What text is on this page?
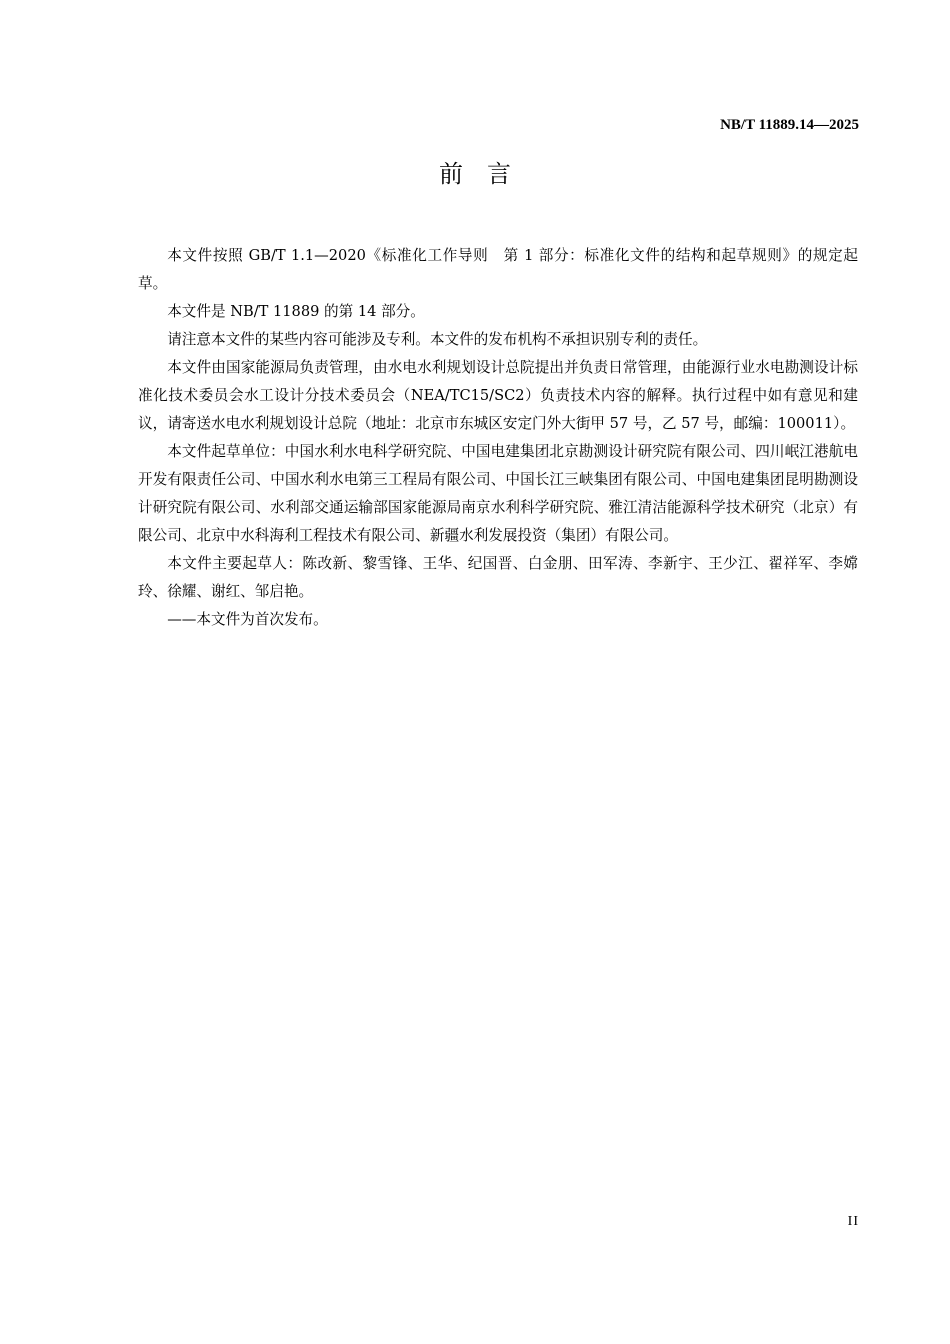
NB/T 11889.14—2025
前　言

本文件按照 GB/T 1.1—2020《标准化工作导则　第 1 部分：标准化文件的结构和起草规则》的规定起草。

本文件是 NB/T 11889 的第 14 部分。

请注意本文件的某些内容可能涉及专利。本文件的发布机构不承担识别专利的责任。

本文件由国家能源局负责管理，由水电水利规划设计总院提出并负责日常管理，由能源行业水电勘测设计标准化技术委员会水工设计分技术委员会（NEA/TC15/SC2）负责技术内容的解释。执行过程中如有意见和建议，请寄送水电水利规划设计总院（地址：北京市东城区安定门外大街甲 57 号，乙 57 号，邮编：100011）。

本文件起草单位：中国水利水电科学研究院、中国电建集团北京勘测设计研究院有限公司、四川岷江港航电开发有限责任公司、中国水利水电第三工程局有限公司、中国长江三峡集团有限公司、中国电建集团昆明勘测设计研究院有限公司、水利部交通运输部国家能源局南京水利科学研究院、雅江清洁能源科学技术研究（北京）有限公司、北京中水科海利工程技术有限公司、新疆水利发展投资（集团）有限公司。

本文件主要起草人：陈改新、黎雪锋、王华、纪国晋、白金朋、田军涛、李新宇、王少江、翟祥军、李嫦玲、徐耀、谢红、邹启艳。

——本文件为首次发布。

II
